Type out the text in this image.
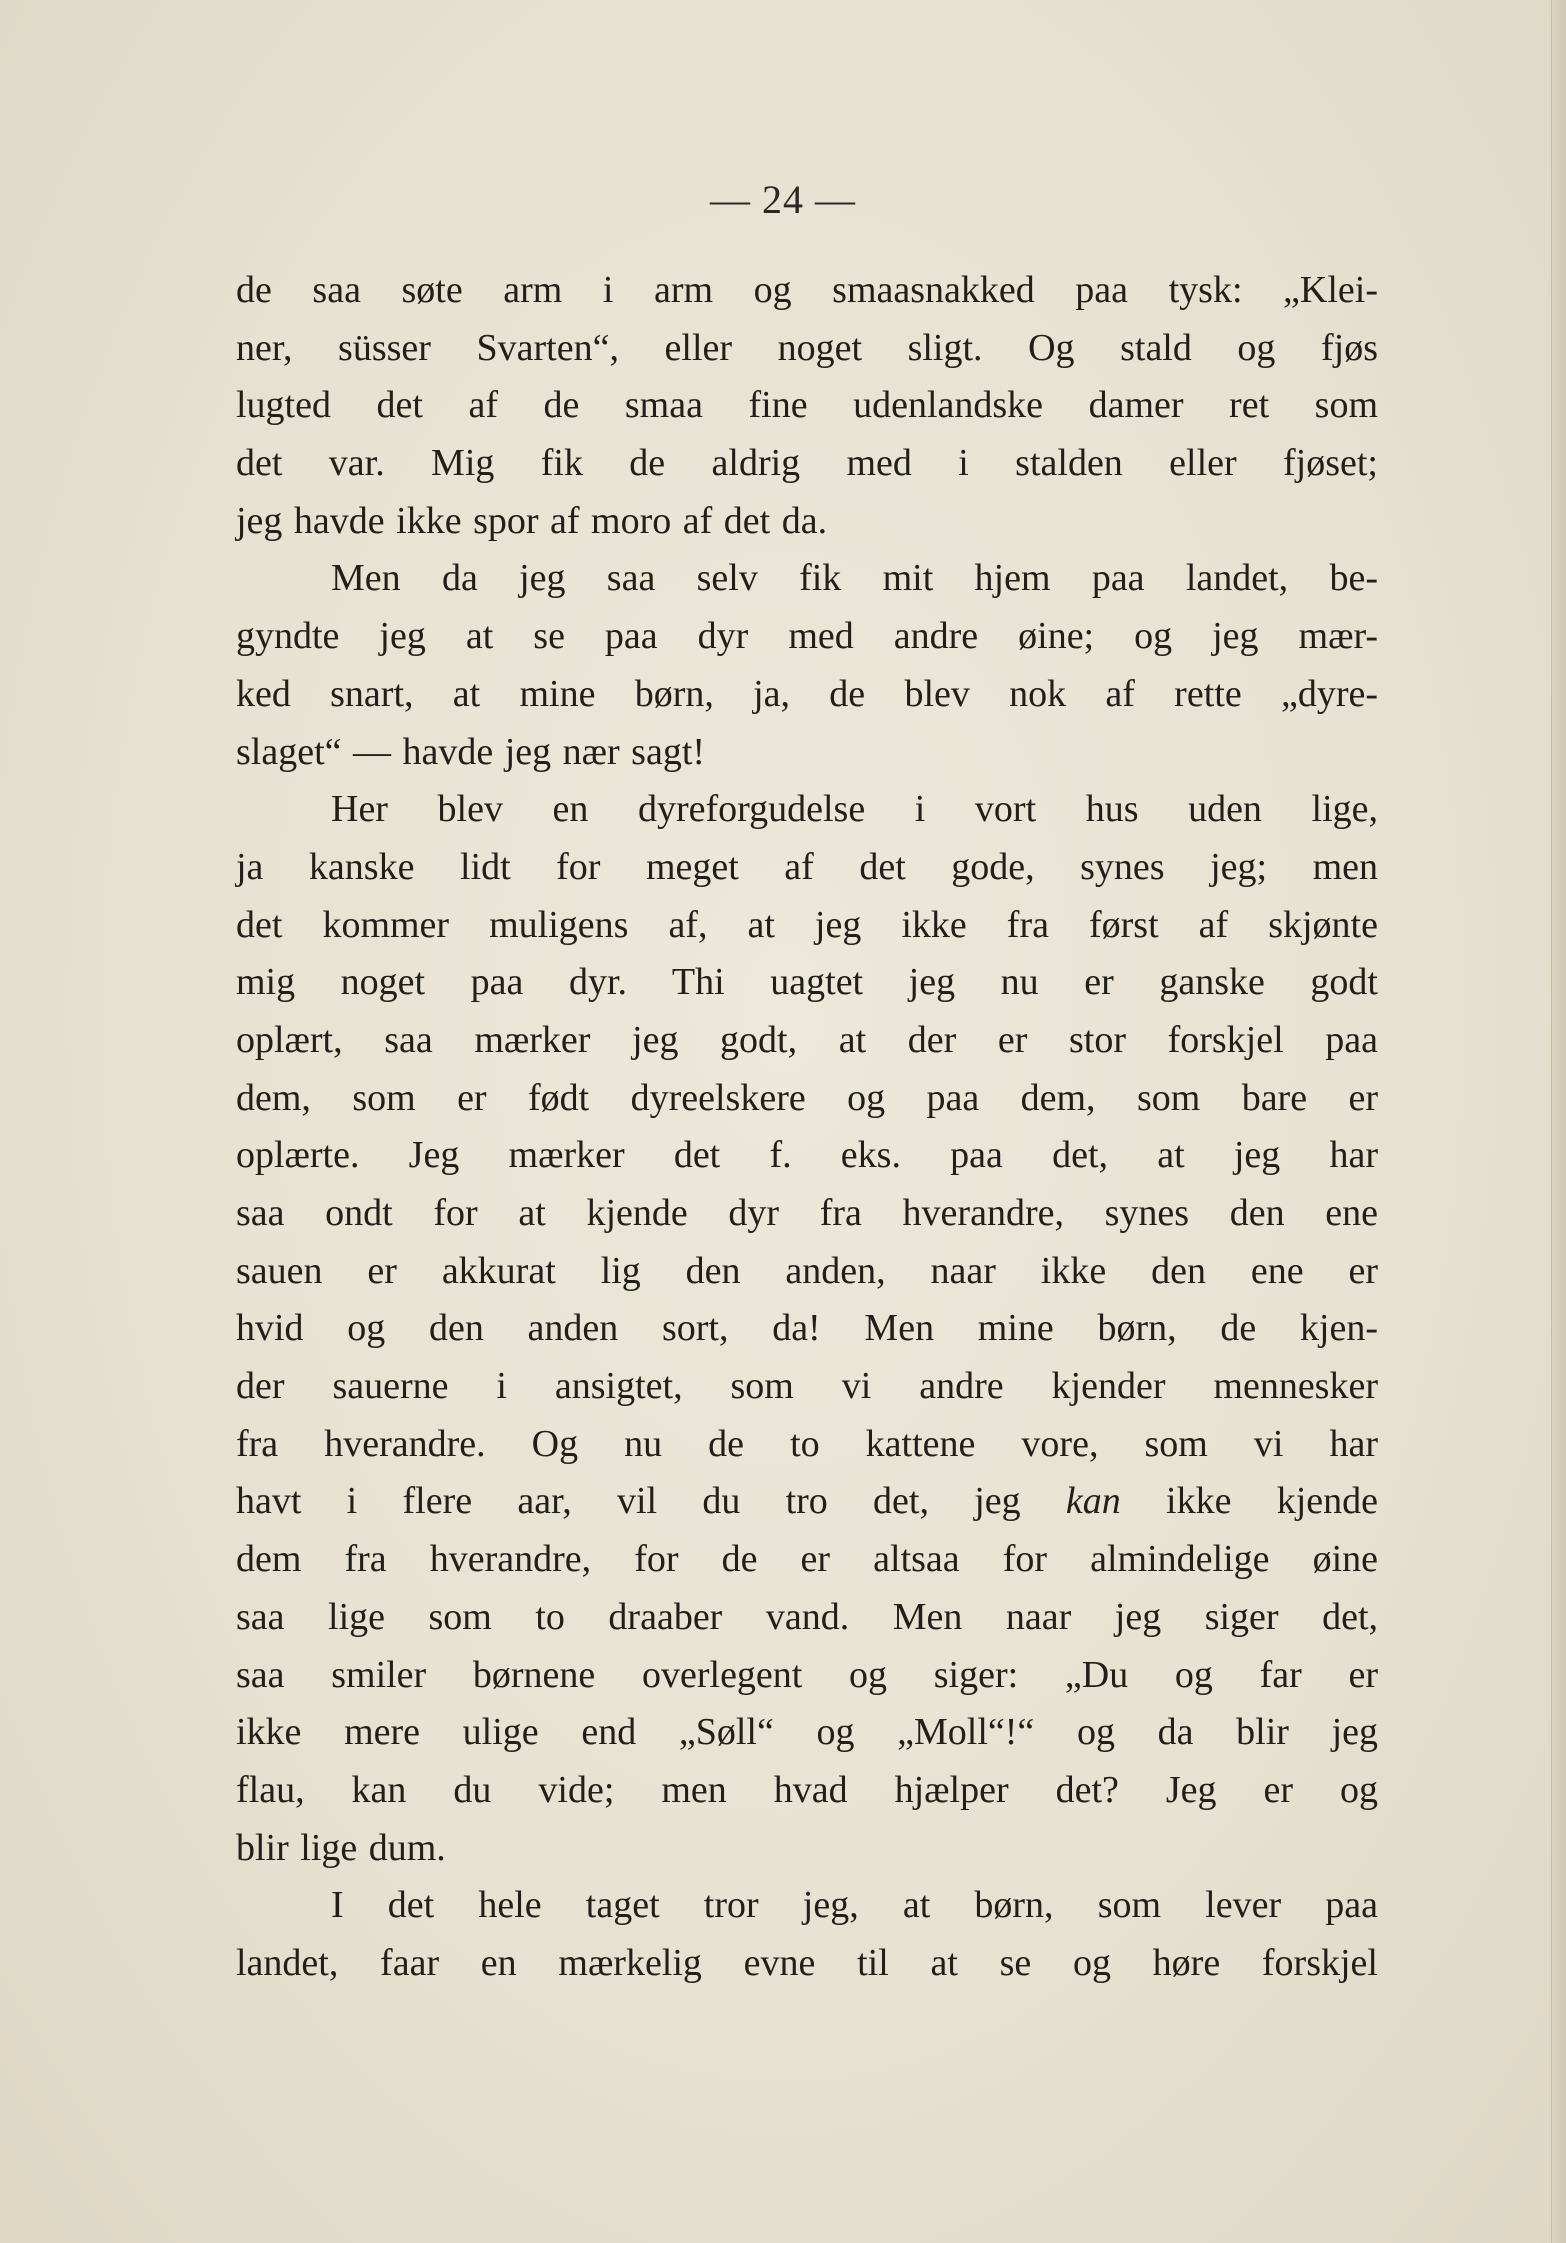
— 24 —
de saa søte arm i arm og smaasnakked paa tysk: „Klei-
ner, süsser Svarten“, eller noget sligt. Og stald og fjøs
lugted det af de smaa fine udenlandske damer ret som
det var. Mig fik de aldrig med i stalden eller fjøset;
jeg havde ikke spor af moro af det da.
Men da jeg saa selv fik mit hjem paa landet, be-
gyndte jeg at se paa dyr med andre øine; og jeg mær-
ked snart, at mine børn, ja, de blev nok af rette „dyre-
slaget“ — havde jeg nær sagt!
Her blev en dyreforgudelse i vort hus uden lige,
ja kanske lidt for meget af det gode, synes jeg; men
det kommer muligens af, at jeg ikke fra først af skjønte
mig noget paa dyr. Thi uagtet jeg nu er ganske godt
oplært, saa mærker jeg godt, at der er stor forskjel paa
dem, som er født dyreelskere og paa dem, som bare er
oplærte. Jeg mærker det f. eks. paa det, at jeg har
saa ondt for at kjende dyr fra hverandre, synes den ene
sauen er akkurat lig den anden, naar ikke den ene er
hvid og den anden sort, da! Men mine børn, de kjen-
der sauerne i ansigtet, som vi andre kjender mennesker
fra hverandre. Og nu de to kattene vore, som vi har
havt i flere aar, vil du tro det, jeg kan ikke kjende
dem fra hverandre, for de er altsaa for almindelige øine
saa lige som to draaber vand. Men naar jeg siger det,
saa smiler børnene overlegent og siger: „Du og far er
ikke mere ulige end „Søll“ og „Moll“!“ og da blir jeg
flau, kan du vide; men hvad hjælper det? Jeg er og
blir lige dum.
I det hele taget tror jeg, at børn, som lever paa
landet, faar en mærkelig evne til at se og høre forskjel
